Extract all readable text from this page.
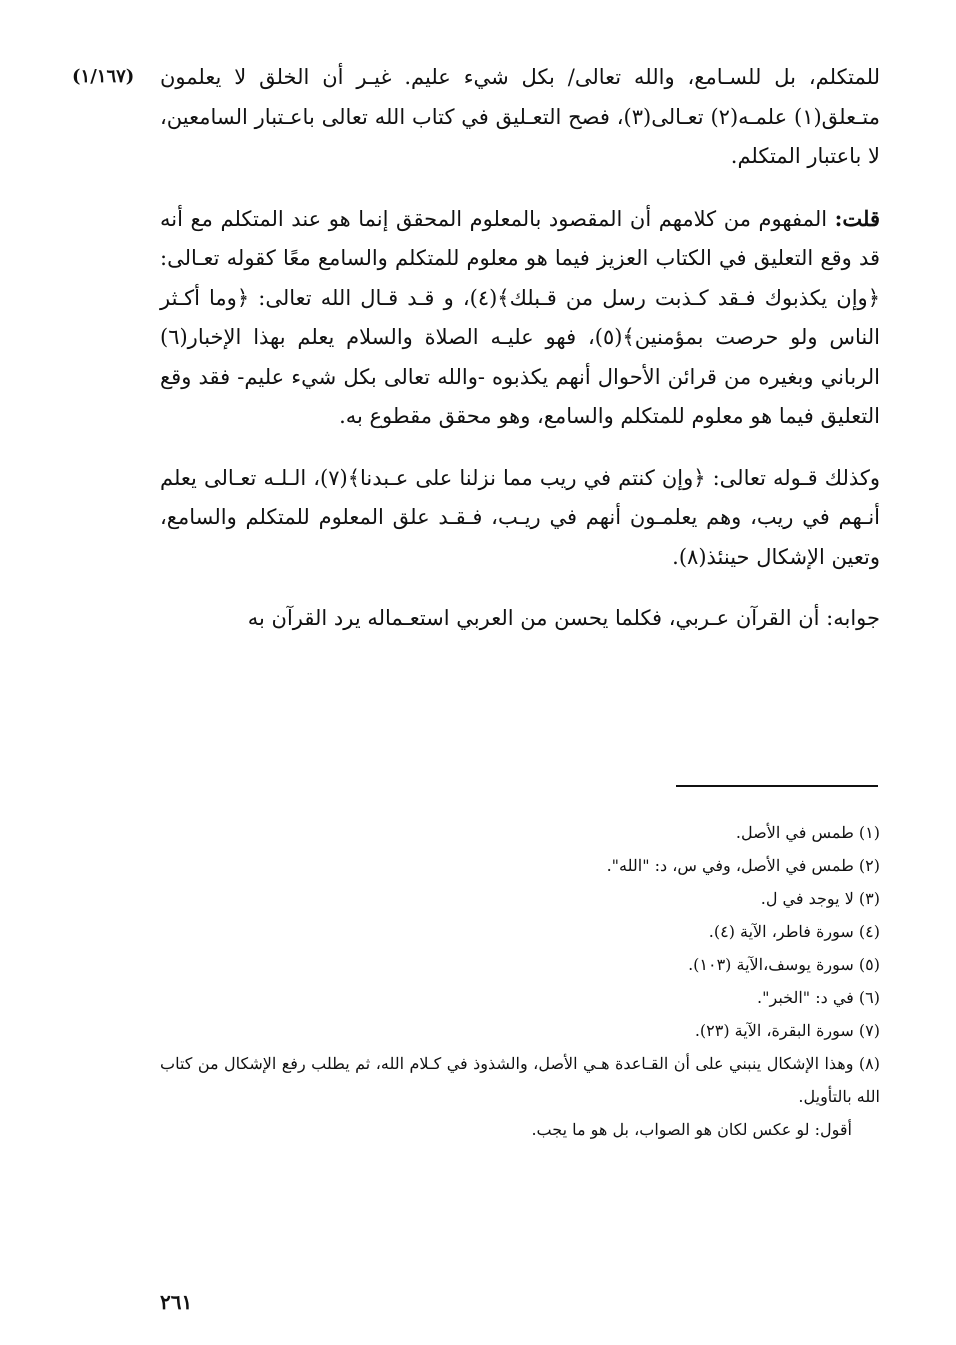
(١/١٦٧) للمتكلم، بل للسـامع، والله تعالى/ بكل شيء عليم. غيـر أن الخلق لا يعلمون متـعلق(١) علمـه(٢) تعـالى(٣)، فصح التعـليق في كتاب الله تعالى باعـتبار السامعين، لا باعتبار المتكلم.

قلت: المفهوم من كلامهم أن المقصود بالمعلوم المحقق إنما هو عند المتكلم مع أنه قد وقع التعليق في الكتاب العزيز فيما هو معلوم للمتكلم والسامع معًا كقوله تعـالى: ﴿وإن يكذبوك فـقد كـذبت رسل من قـبلك﴾(٤)، و قـد قـال الله تعالى: ﴿وما أكـثر الناس ولو حرصت بمؤمنين﴾(٥)، فهو عليـه الصلاة والسلام يعلم بهذا الإخبار(٦) الرباني وبغيره من قرائن الأحوال أنهم يكذبوه -والله تعالى بكل شيء عليم- فقد وقع التعليق فيما هو معلوم للمتكلم والسامع، وهو محقق مقطوع به.

وكذلك قـوله تعالى: ﴿وإن كنتم في ريب مما نزلنا على عـبدنا﴾(٧)، الـلـه تعـالى يعلم أنـهم في ريب، وهم يعلمـون أنهم في ريـب، فـقـد علق المعلوم للمتكلم والسامع، وتعين الإشكال حينئذ(٨).

جوابه: أن القرآن عـربي، فكلما يحسن من العربي استعـماله يرد القرآن به

(١) طمس في الأصل.

(٢) طمس في الأصل، وفي س، د: "الله".

(٣) لا يوجد في ل.

(٤) سورة فاطر، الآية (٤).

(٥) سورة يوسف،الآية (١٠٣).

(٦) في د: "الخبر".

(٧) سورة البقرة، الآية (٢٣).

(٨) وهذا الإشكال ينبني على أن القـاعدة هـي الأصل، والشذوذ في كـلام الله، ثم يطلب رفع الإشكال من كتاب الله بالتأويل.

أقول: لو عكس لكان هو الصواب، بل هو ما يجب.

٢٦١
